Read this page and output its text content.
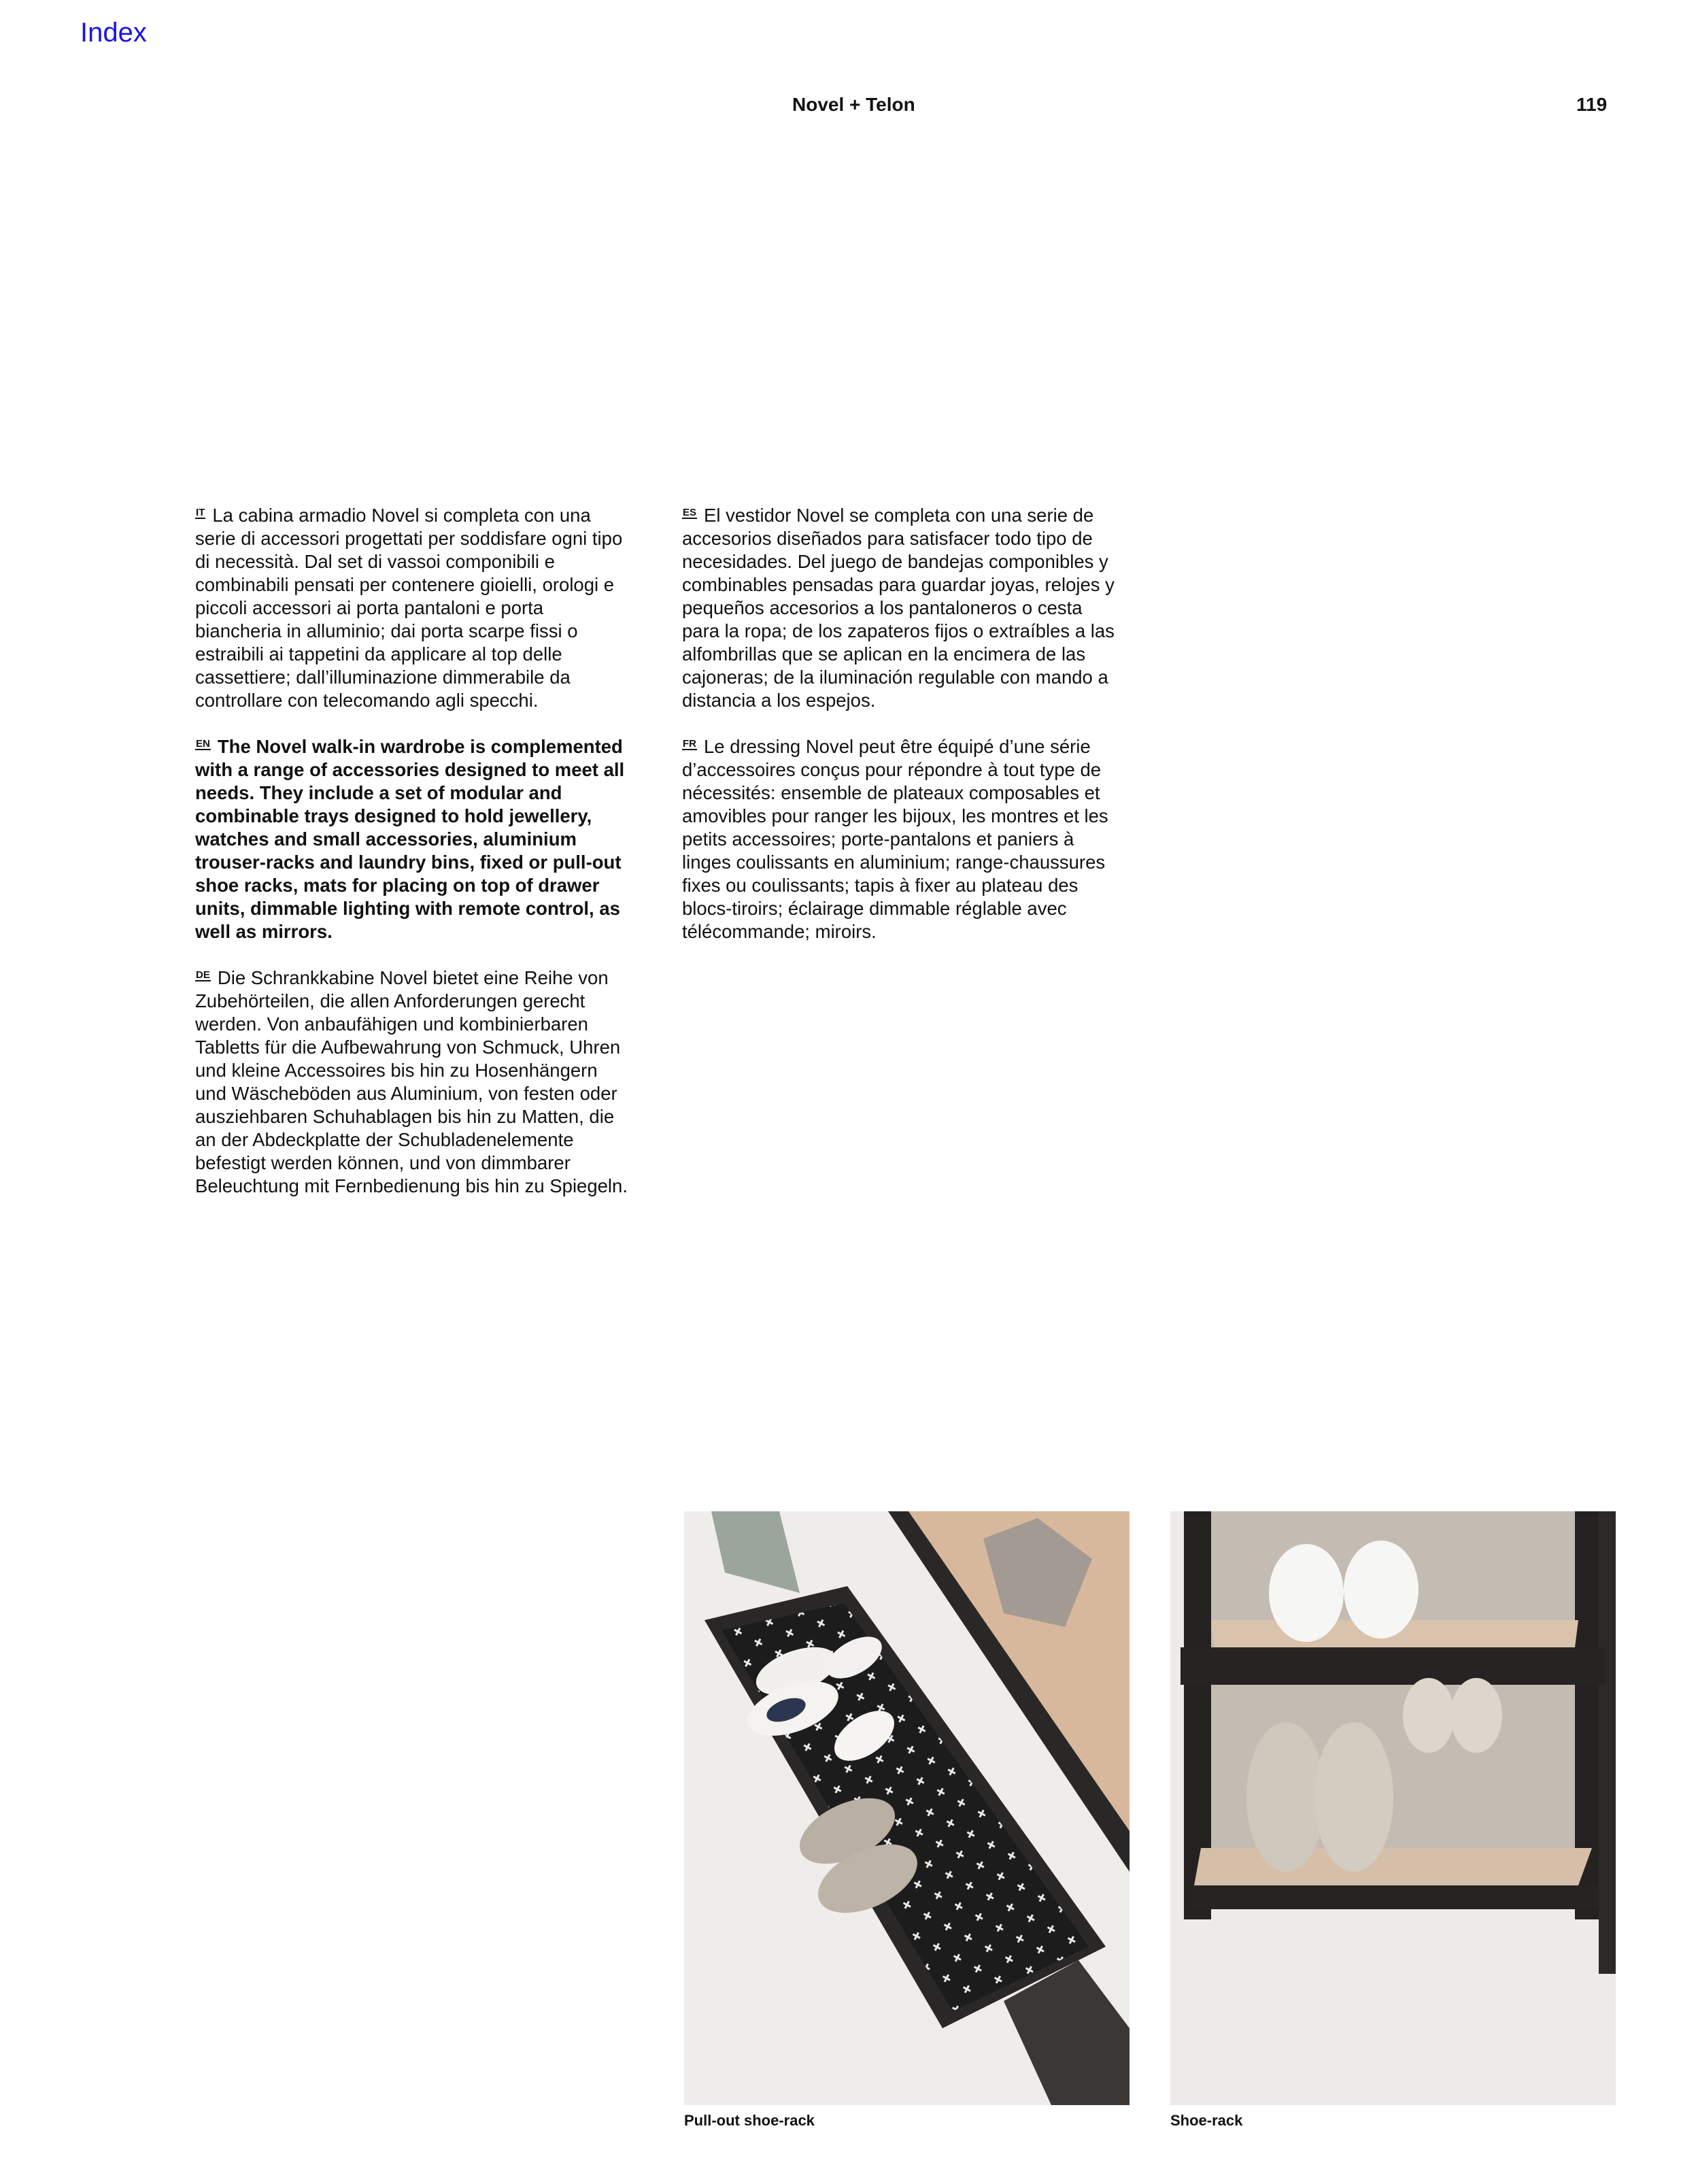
Index
Novel + Telon	119

IT La cabina armadio Novel si completa con una serie di accessori progettati per soddisfare ogni tipo di necessità. Dal set di vassoi componibili e combinabili pensati per contenere gioielli, orologi e piccoli accessori ai porta pantaloni e porta biancheria in alluminio; dai porta scarpe fissi o estraibili ai tappetini da applicare al top delle cassettiere; dall’illuminazione dimmerabile da controllare con telecomando agli specchi.

EN The Novel walk-in wardrobe is complemented with a range of accessories designed to meet all needs. They include a set of modular and combinable trays designed to hold jewellery, watches and small accessories, aluminium trouser-racks and laundry bins, fixed or pull-out shoe racks, mats for placing on top of drawer units, dimmable lighting with remote control, as well as mirrors.

DE Die Schrankkabine Novel bietet eine Reihe von Zubehörteilen, die allen Anforderungen gerecht werden. Von anbaufähigen und kombinierbaren Tabletts für die Aufbewahrung von Schmuck, Uhren und kleine Accessoires bis hin zu Hosenhängern und Wäscheböden aus Aluminium, von festen oder ausziehbaren Schuhablagen bis hin zu Matten, die an der Abdeckplatte der Schubladenelemente befestigt werden können, und von dimmbarer Beleuchtung mit Fernbedienung bis hin zu Spiegeln.

ES El vestidor Novel se completa con una serie de accesorios diseñados para satisfacer todo tipo de necesidades. Del juego de bandejas componibles y combinables pensadas para guardar joyas, relojes y pequeños accesorios a los pantaloneros o cesta para la ropa; de los zapateros fijos o extraíbles a las alfombrillas que se aplican en la encimera de las cajoneras; de la iluminación regulable con mando a distancia a los espejos.

FR Le dressing Novel peut être équipé d’une série d’accessoires conçus pour répondre à tout type de nécessités: ensemble de plateaux composables et amovibles pour ranger les bijoux, les montres et les petits accessoires; porte-pantalons et paniers à linges coulissants en aluminium; range-chaussures fixes ou coulissants; tapis à fixer au plateau des blocs-tiroirs; éclairage dimmable réglable avec télécommande; miroirs.

Pull-out shoe-rack	Shoe-rack
